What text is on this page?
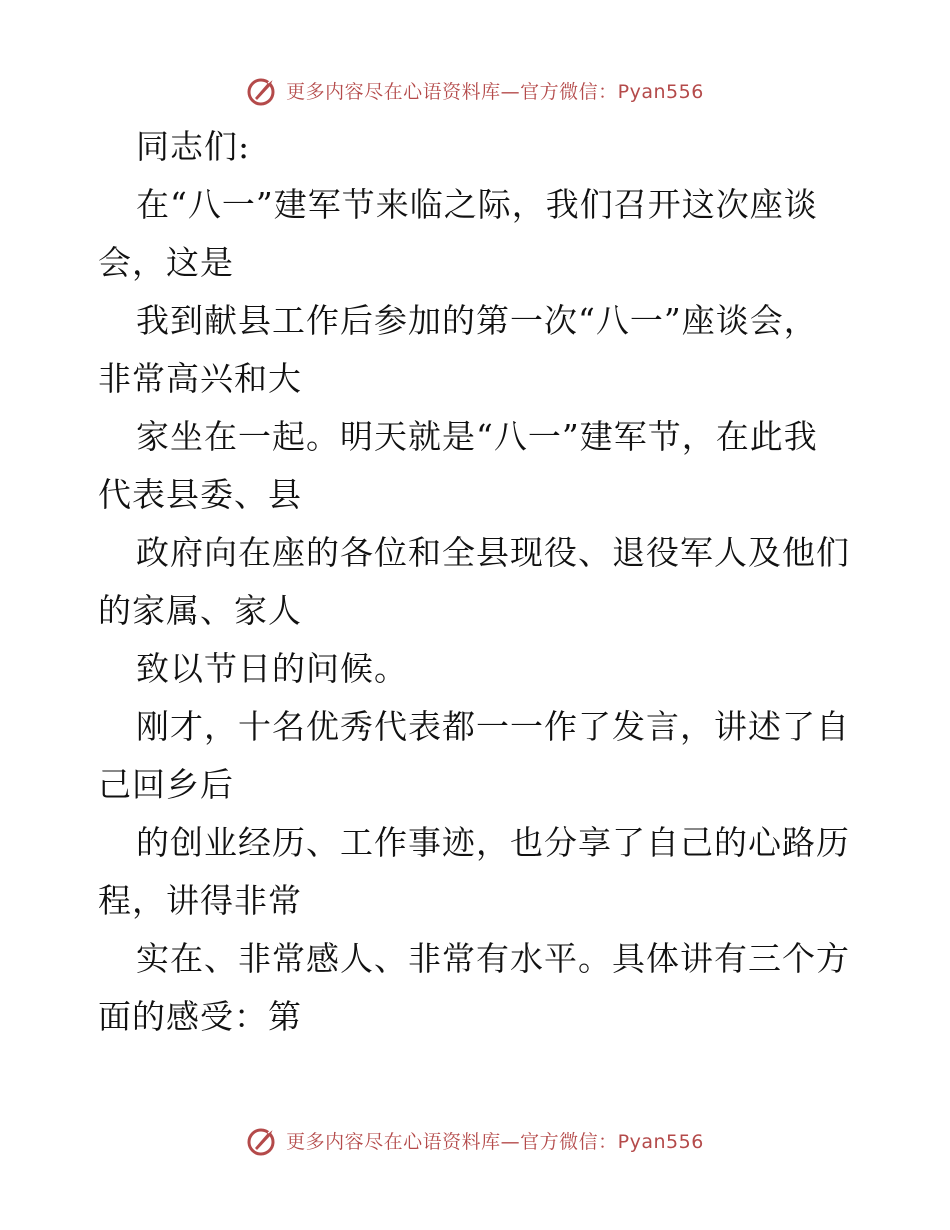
更多内容尽在心语资料库—官方微信：Pyan556
同志们:
在“八一”建军节来临之际，我们召开这次座谈
会，这是
我到献县工作后参加的第一次“八一”座谈会，
非常高兴和大
家坐在一起。明天就是“八一”建军节，在此我
代表县委、县
政府向在座的各位和全县现役、退役军人及他们
的家属、家人
致以节日的问候。
刚才，十名优秀代表都一一作了发言，讲述了自
己回乡后
的创业经历、工作事迹，也分享了自己的心路历
程，讲得非常
实在、非常感人、非常有水平。具体讲有三个方
面的感受：第
更多内容尽在心语资料库—官方微信：Pyan556
